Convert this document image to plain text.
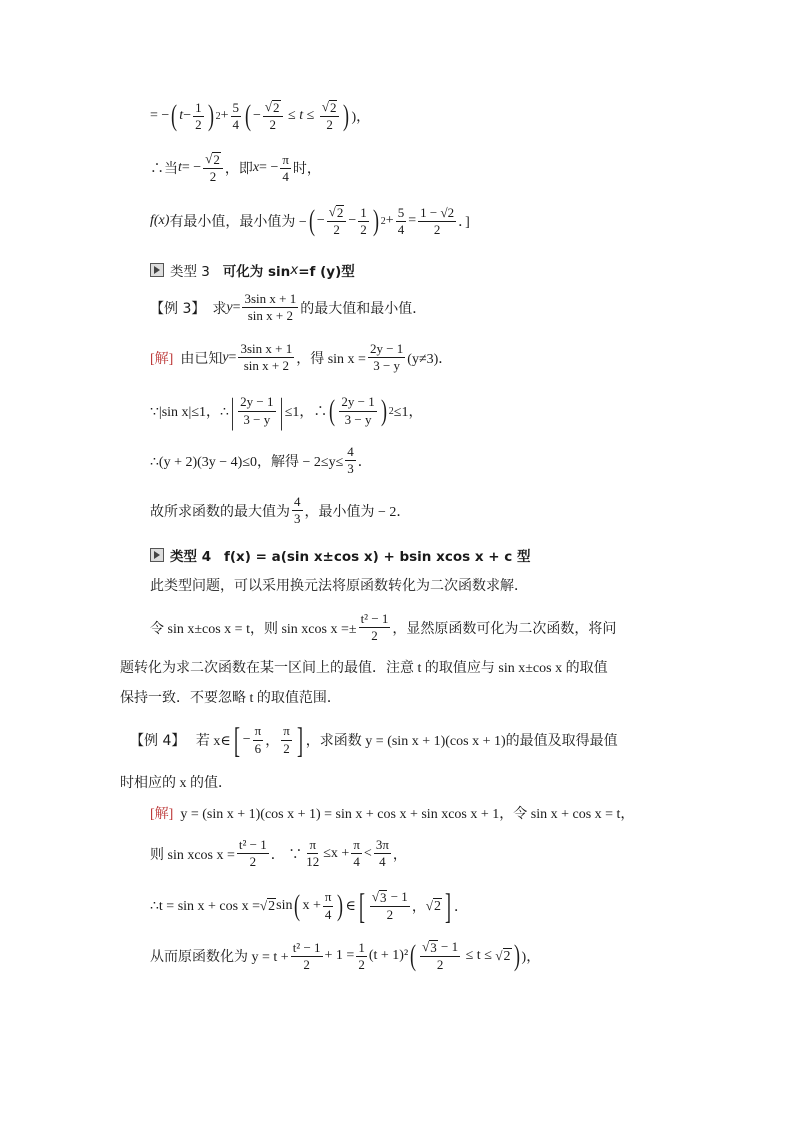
= − ( $t - \frac{1}{2}$ ) $2 + \frac{5}{4}$ ( − $\frac{√ 2}{2}$
≤
t
≤
$\frac{√ 2}{2}$ ) )，
∴当 t = − $\frac{√ 2}{2}$ ，即 x = − $\frac{\pi}{4}$ 时，
f(x) 有最小值，最小值为 − ( − $\frac{√ 2}{2} - \frac{1}{2}$ ) $2 + \frac{5}{4} = \frac{1 - √2}{2}$ ．]
类型 3
可化为 sin x =f (y)型
【例 3】
求 $y = \frac{\text{3sin x + 1}}{\text{sin x + 2}}$ 的最大值和最小值．
[解]
由已知 $y = \frac{\text{3sin x + 1}}{\text{sin x + 2}}$ ，得 $\sin x = \frac{2y - 1}{3 - y} (y\ne 3)$．
∵|sin x|≤1，∴ | $\frac{2y - 1}{3 - y}$ | ≤1，∴ ( $\frac{2y - 1}{3 - y}$ ) 2 ≤1，
∴(y + 2)(3y − 4)≤0，解得 − $2\le y\le \frac{4}{3}$ ．
故所求函数的最大值为 $\frac{4}{3}$ ，最小值为 − 2．
类型 4
f(x) = a(sin x±cos x) + bsin xcos x + c 型
此类型问题，可以采用换元法将原函数转化为二次函数求解．
令 sin x±cos x = t，则 sin xcos $x =\pm \frac{\text{t² − 1}}{2}$ ，显然原函数可化为二次函数，将问
题转化为求二次函数在某一区间上的最值．注意 t 的取值应与 sin x±cos x 的取值
保持一致．不要忽略 t 的取值范围．
【例 4】
若 x∈ [ − $\frac{\pi}{6}$ ， $\frac{\pi}{2}$ ] ，求函数 y = (sin x + 1)(cos x + 1)的最值及取得最值
时相应的 x 的值．
[解]
y = (sin x + 1)(cos x + 1) = sin x + cos x + sin xcos x + 1，令 sin x + cos x = t，
则 sin xcos $x = \frac{\text{t² − 1}}{2}$ ． ∵ $\frac{\pi}{12} \le x + \frac{\pi}{4} < \frac{3\pi}{4}$ ，
∴t = sin x + cos x = √ 2 sin ( $x + \frac{\pi}{4}$ ) ∈ [ $\frac{√ 3 - 1}{2}$ ， √ 2 ] ．
从而原函数化为 $y = t + \frac{\text{t² − 1}}{2} + 1 = \frac{1}{2} (t + 1)^2$ ( $\frac{√ 3 - 1}{2}$
≤ t ≤
√ 2 ) )，
